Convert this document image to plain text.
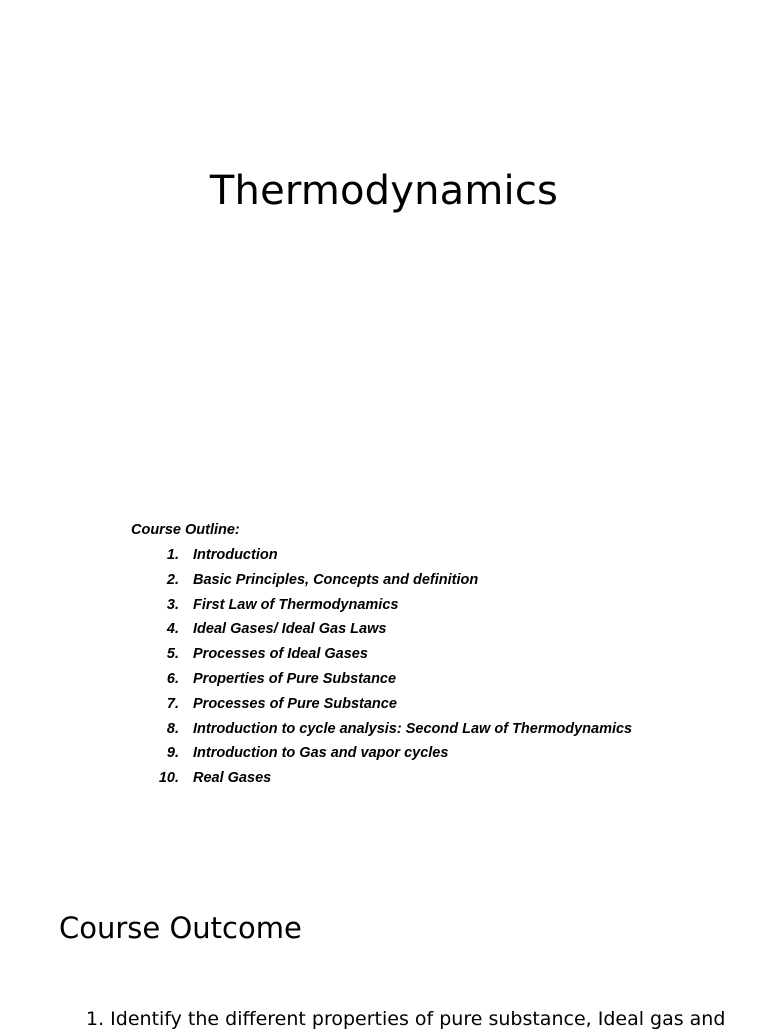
Thermodynamics

Course Outline:

1. Introduction
2. Basic Principles, Concepts and definition
3. First Law of Thermodynamics
4. Ideal Gases/ Ideal Gas Laws
5. Processes of Ideal Gases
6. Properties of Pure Substance
7. Processes of Pure Substance
8. Introduction to cycle analysis: Second Law of Thermodynamics
9. Introduction to Gas and vapor cycles
10. Real Gases
Course Outcome

1. Identify the different properties of pure substance, Ideal gas and
